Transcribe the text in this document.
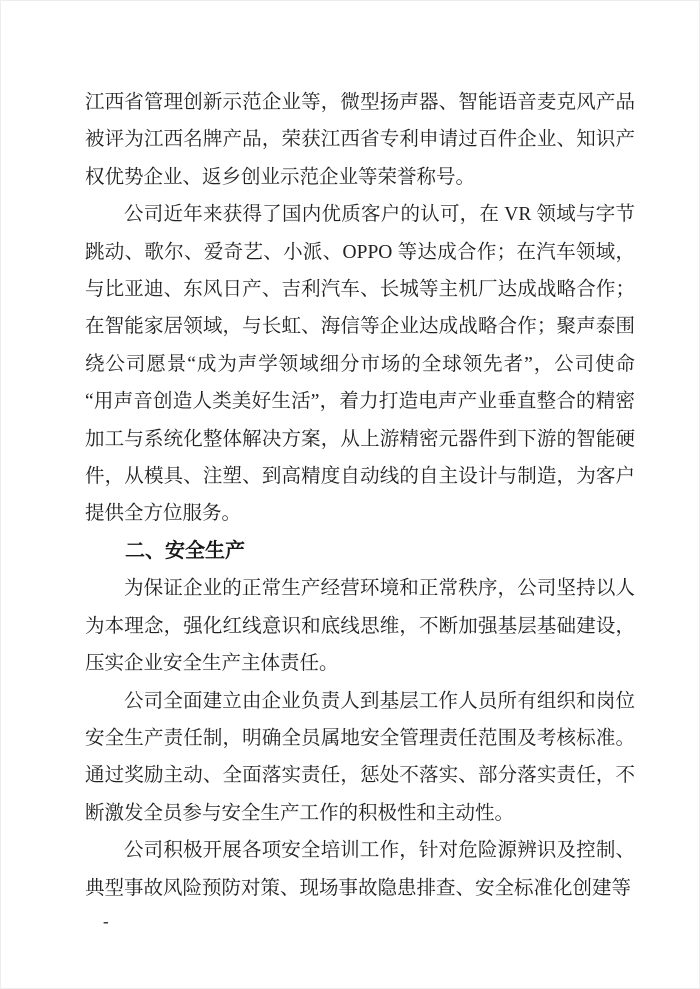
江西省管理创新示范企业等，微型扬声器、智能语音麦克风产品被评为江西名牌产品，荣获江西省专利申请过百件企业、知识产权优势企业、返乡创业示范企业等荣誉称号。

公司近年来获得了国内优质客户的认可，在 VR 领域与字节跳动、歌尔、爱奇艺、小派、OPPO 等达成合作；在汽车领域，与比亚迪、东风日产、吉利汽车、长城等主机厂达成战略合作；在智能家居领域，与长虹、海信等企业达成战略合作；聚声泰围绕公司愿景“成为声学领域细分市场的全球领先者”，公司使命“用声音创造人类美好生活”，着力打造电声产业垂直整合的精密加工与系统化整体解决方案，从上游精密元器件到下游的智能硬件，从模具、注塑、到高精度自动线的自主设计与制造，为客户提供全方位服务。

二、安全生产

为保证企业的正常生产经营环境和正常秩序，公司坚持以人为本理念，强化红线意识和底线思维，不断加强基层基础建设，压实企业安全生产主体责任。

公司全面建立由企业负责人到基层工作人员所有组织和岗位安全生产责任制，明确全员属地安全管理责任范围及考核标准。通过奖励主动、全面落实责任，惩处不落实、部分落实责任，不断激发全员参与安全生产工作的积极性和主动性。

公司积极开展各项安全培训工作，针对危险源辨识及控制、典型事故风险预防对策、现场事故隐患排查、安全标准化创建等

-
